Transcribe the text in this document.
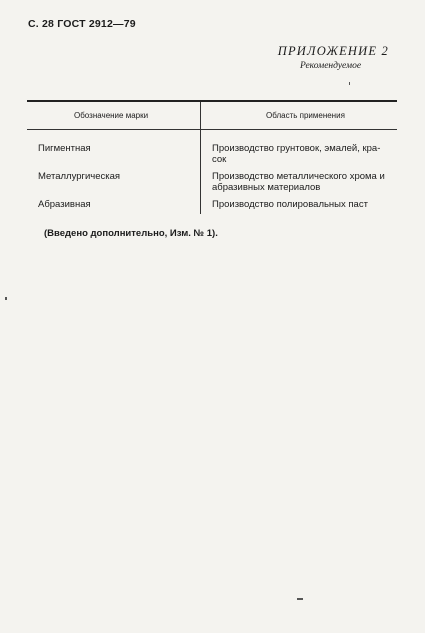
С. 28 ГОСТ 2912—79
ПРИЛОЖЕНИЕ 2
Рекомендуемое
Обозначение марки	Область применения
Пигментная	Производство грунтовок, эмалей, кра-
сок
Металлургическая	Производство металлического хрома и
абразивных материалов
Абразивная	Производство полировальных паст
(Введено дополнительно, Изм. № 1).
